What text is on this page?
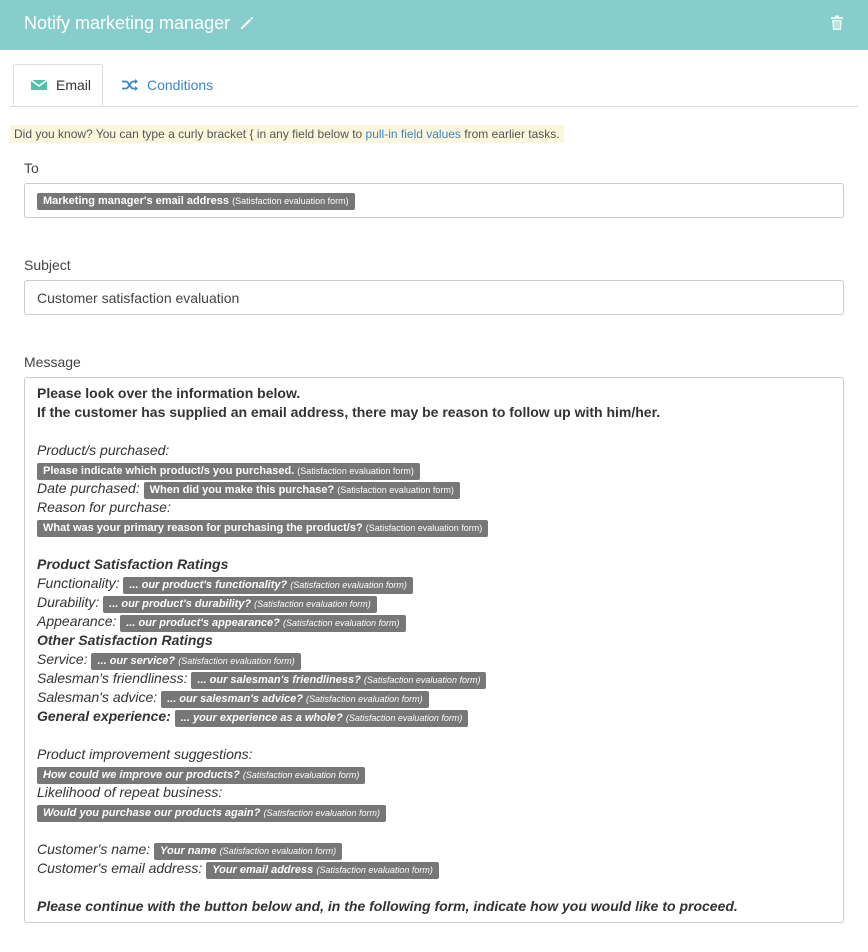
Notify marketing manager
Email	Conditions
Did you know? You can type a curly bracket { in any field below to pull-in field values from earlier tasks.
To
Marketing manager's email address (Satisfaction evaluation form)
Subject
Customer satisfaction evaluation
Message
Please look over the information below.
If the customer has supplied an email address, there may be reason to follow up with him/her.
Product/s purchased:
Please indicate which product/s you purchased. (Satisfaction evaluation form)
Date purchased: When did you make this purchase? (Satisfaction evaluation form)
Reason for purchase:
What was your primary reason for purchasing the product/s? (Satisfaction evaluation form)
Product Satisfaction Ratings
Functionality: ... our product's functionality? (Satisfaction evaluation form)
Durability: ... our product's durability? (Satisfaction evaluation form)
Appearance: ... our product's appearance? (Satisfaction evaluation form)
Other Satisfaction Ratings
Service: ... our service? (Satisfaction evaluation form)
Salesman's friendliness: ... our salesman's friendliness? (Satisfaction evaluation form)
Salesman's advice: ... our salesman's advice? (Satisfaction evaluation form)
General experience: ... your experience as a whole? (Satisfaction evaluation form)
Product improvement suggestions:
How could we improve our products? (Satisfaction evaluation form)
Likelihood of repeat business:
Would you purchase our products again? (Satisfaction evaluation form)
Customer's name: Your name (Satisfaction evaluation form)
Customer's email address: Your email address (Satisfaction evaluation form)
Please continue with the button below and, in the following form, indicate how you would like to proceed.
